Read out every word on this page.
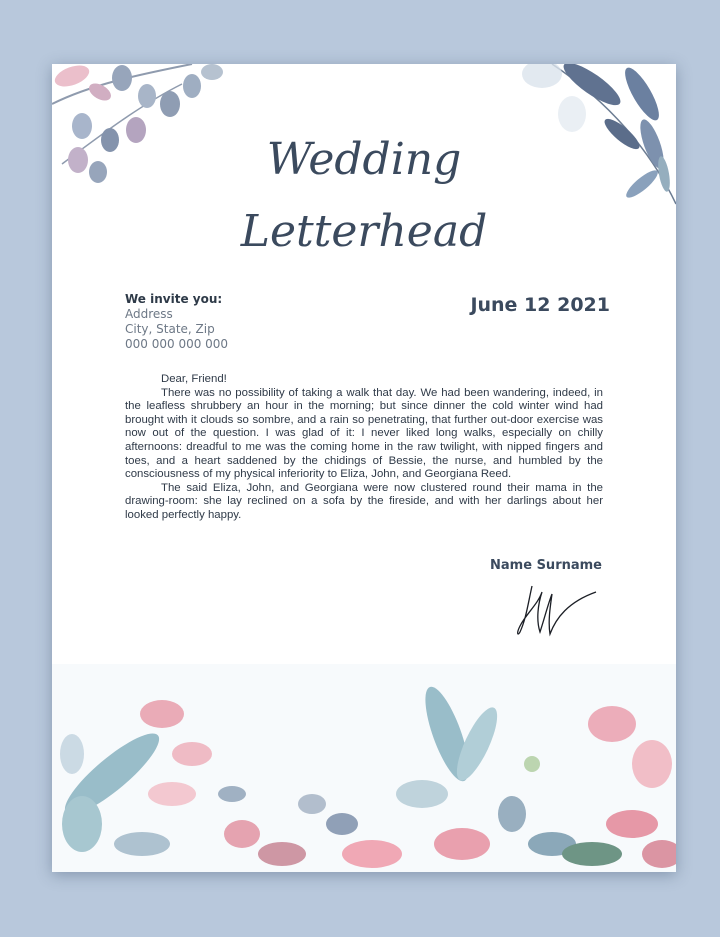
Wedding
Letterhead
We invite you:
Address
City, State, Zip
000 000 000 000
June 12 2021

Dear, Friend!

There was no possibility of taking a walk that day. We had been wandering, indeed, in the leafless shrubbery an hour in the morning; but since dinner the cold winter wind had brought with it clouds so sombre, and a rain so penetrating, that further out-door exercise was now out of the question. I was glad of it: I never liked long walks, especially on chilly afternoons: dreadful to me was the coming home in the raw twilight, with nipped fingers and toes, and a heart saddened by the chidings of Bessie, the nurse, and humbled by the consciousness of my physical inferiority to Eliza, John, and Georgiana Reed.

The said Eliza, John, and Georgiana were now clustered round their mama in the drawing-room: she lay reclined on a sofa by the fireside, and with her darlings about her looked perfectly happy.

Name Surname
